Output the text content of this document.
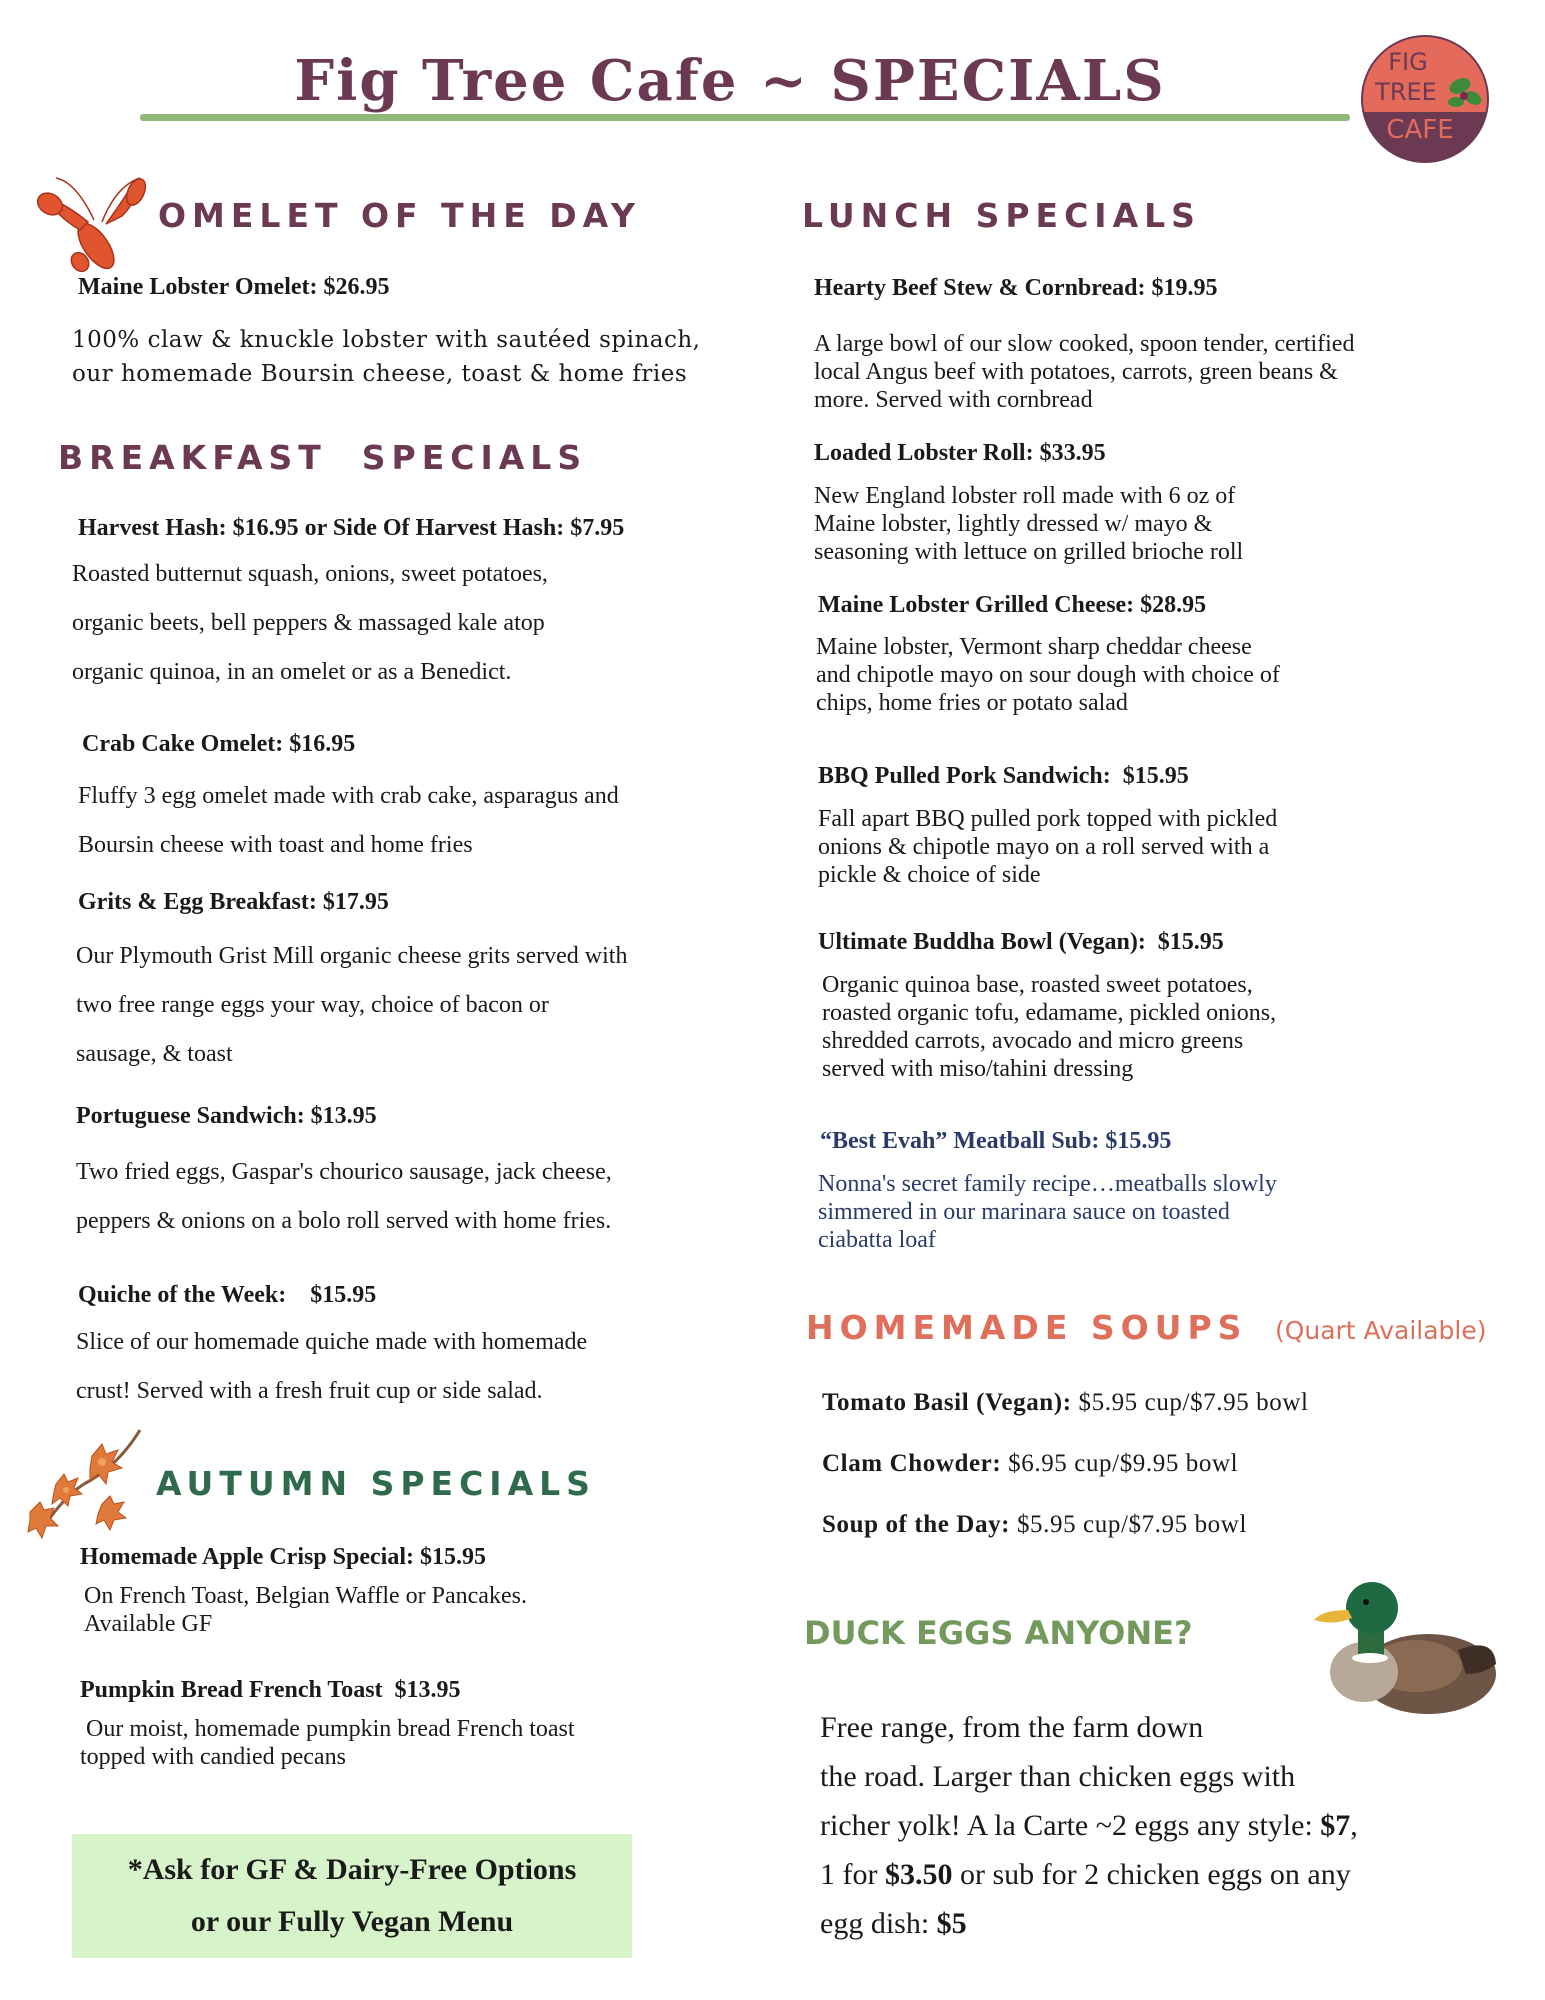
Fig Tree Cafe ~ SPECIALS	FIG
TREE
CAFE
OMELET OF THE DAY
Maine Lobster Omelet: $26.95
100% claw & knuckle lobster with sautéed spinach,
our homemade Boursin cheese, toast & home fries
BREAKFAST  SPECIALS
Harvest Hash: $16.95 or Side Of Harvest Hash: $7.95
Roasted butternut squash, onions, sweet potatoes,
organic beets, bell peppers & massaged kale atop
organic quinoa, in an omelet or as a Benedict.
Crab Cake Omelet: $16.95
Fluffy 3 egg omelet made with crab cake, asparagus and
Boursin cheese with toast and home fries
Grits & Egg Breakfast: $17.95
Our Plymouth Grist Mill organic cheese grits served with
two free range eggs your way, choice of bacon or
sausage, & toast
Portuguese Sandwich: $13.95
Two fried eggs, Gaspar's chourico sausage, jack cheese,
peppers & onions on a bolo roll served with home fries.
Quiche of the Week:    $15.95
Slice of our homemade quiche made with homemade
crust! Served with a fresh fruit cup or side salad.
AUTUMN SPECIALS
Homemade Apple Crisp Special: $15.95
On French Toast, Belgian Waffle or Pancakes.
Available GF
Pumpkin Bread French Toast  $13.95
Our moist, homemade pumpkin bread French toast
topped with candied pecans
*Ask for GF & Dairy-Free Options
or our Fully Vegan Menu
LUNCH SPECIALS
Hearty Beef Stew & Cornbread: $19.95
A large bowl of our slow cooked, spoon tender, certified
local Angus beef with potatoes, carrots, green beans &
more. Served with cornbread
Loaded Lobster Roll: $33.95
New England lobster roll made with 6 oz of
Maine lobster, lightly dressed w/ mayo &
seasoning with lettuce on grilled brioche roll
Maine Lobster Grilled Cheese: $28.95
Maine lobster, Vermont sharp cheddar cheese
and chipotle mayo on sour dough with choice of
chips, home fries or potato salad
BBQ Pulled Pork Sandwich:  $15.95
Fall apart BBQ pulled pork topped with pickled
onions & chipotle mayo on a roll served with a
pickle & choice of side
Ultimate Buddha Bowl (Vegan):  $15.95
Organic quinoa base, roasted sweet potatoes,
roasted organic tofu, edamame, pickled onions,
shredded carrots, avocado and micro greens
served with miso/tahini dressing
“Best Evah” Meatball Sub: $15.95
Nonna's secret family recipe…meatballs slowly
simmered in our marinara sauce on toasted
ciabatta loaf
HOMEMADE SOUPS (Quart Available)
Tomato Basil (Vegan): $5.95 cup/$7.95 bowl
Clam Chowder: $6.95 cup/$9.95 bowl
Soup of the Day: $5.95 cup/$7.95 bowl
DUCK EGGS ANYONE?
Free range, from the farm down
the road. Larger than chicken eggs with
richer yolk! A la Carte ~2 eggs any style: $7,
1 for $3.50 or sub for 2 chicken eggs on any
egg dish: $5
